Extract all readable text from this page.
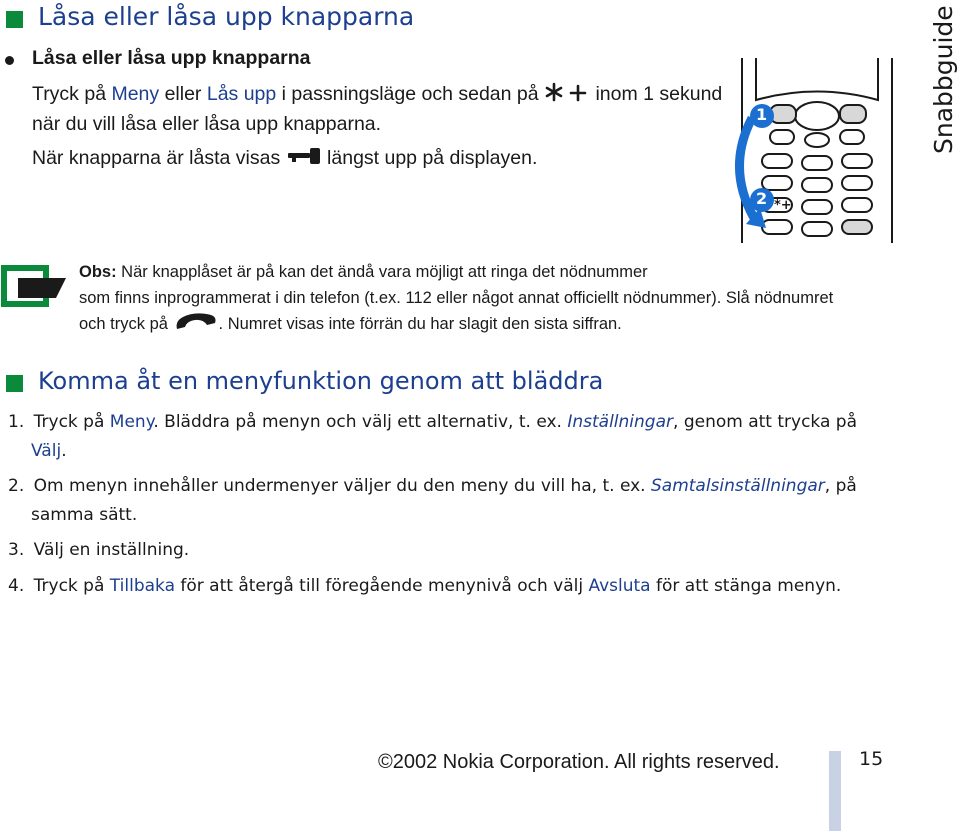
Låsa eller låsa upp knapparna
Låsa eller låsa upp knapparna
Tryck på Meny eller Lås upp i passningsläge och sedan på  inom 1 sekund
när du vill låsa eller låsa upp knapparna.
När knapparna är låsta visas  längst upp på displayen.
1
2 *+
Snabbguide
Obs: När knapplåset är på kan det ändå vara möjligt att ringa det nödnummer
som finns inprogrammerat i din telefon (t.ex. 112 eller något annat officiellt nödnummer). Slå nödnumret
och tryck på	. Numret visas inte förrän du har slagit den sista siffran.
Komma åt en menyfunktion genom att bläddra
1. Tryck på Meny. Bläddra på menyn och välj ett alternativ, t. ex. Inställningar, genom att trycka på
Välj.
2. Om menyn innehåller undermenyer väljer du den meny du vill ha, t. ex. Samtalsinställningar, på
samma sätt.
3. Välj en inställning.
4. Tryck på Tillbaka för att återgå till föregående menynivå och välj Avsluta för att stänga menyn.
©2002 Nokia Corporation. All rights reserved.	15
